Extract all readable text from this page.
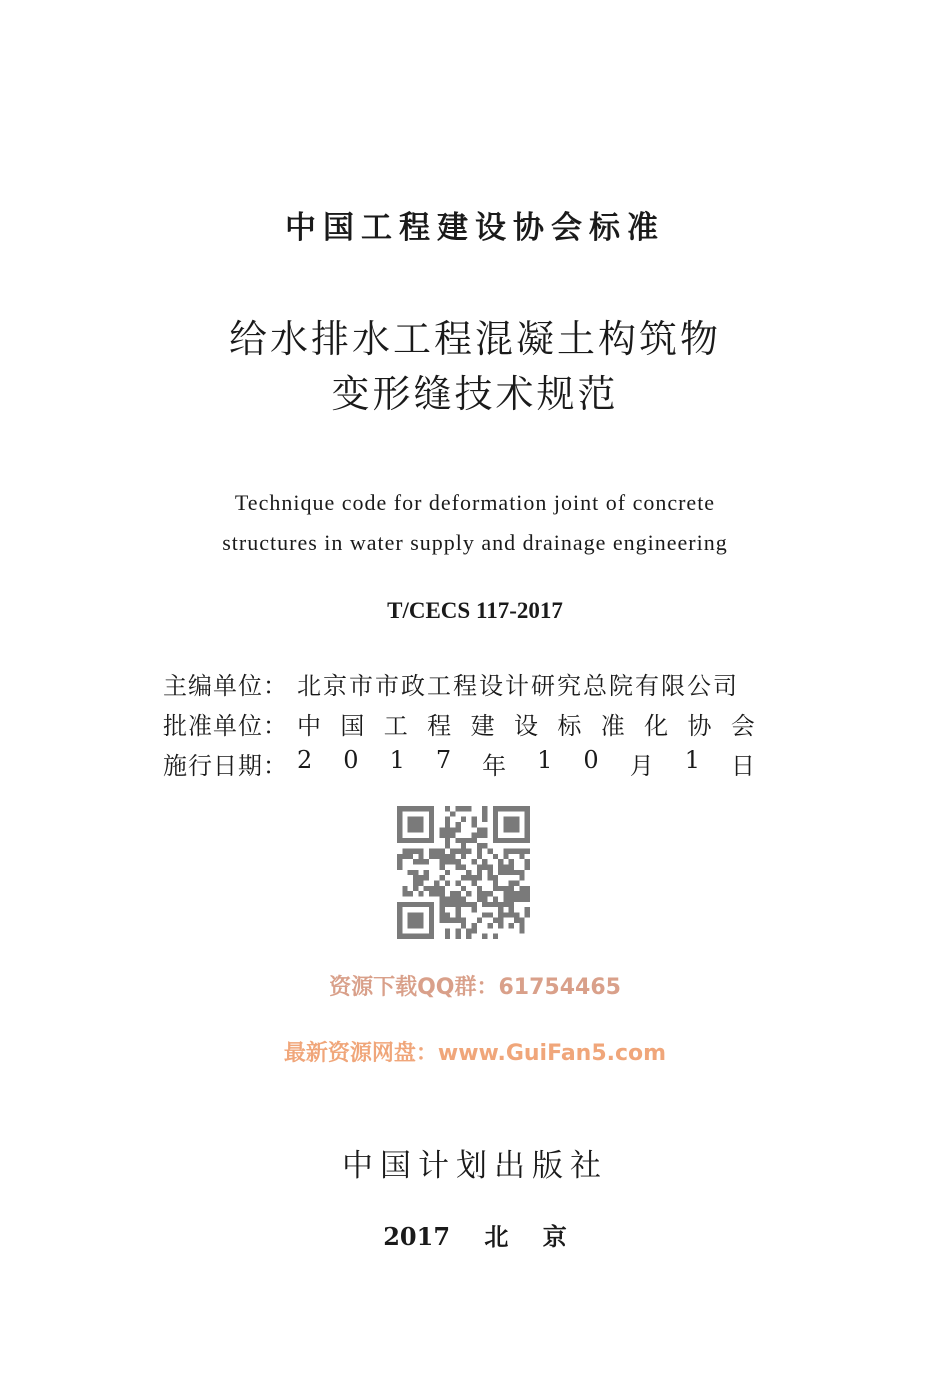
中国工程建设协会标准
给水排水工程混凝土构筑物
变形缝技术规范
Technique code for deformation joint of concrete
structures in water supply and drainage engineering
T/CECS 117-2017
主编单位： 北京市市政工程设计研究总院有限公司
批准单位： 中 国 工 程 建 设 标 准 化 协 会
施行日期： 2 0 1 7 年 1 0 月 1 日
资源下载QQ群：61754465
最新资源网盘：www.GuiFan5.com
中国计划出版社
2017 北 京
